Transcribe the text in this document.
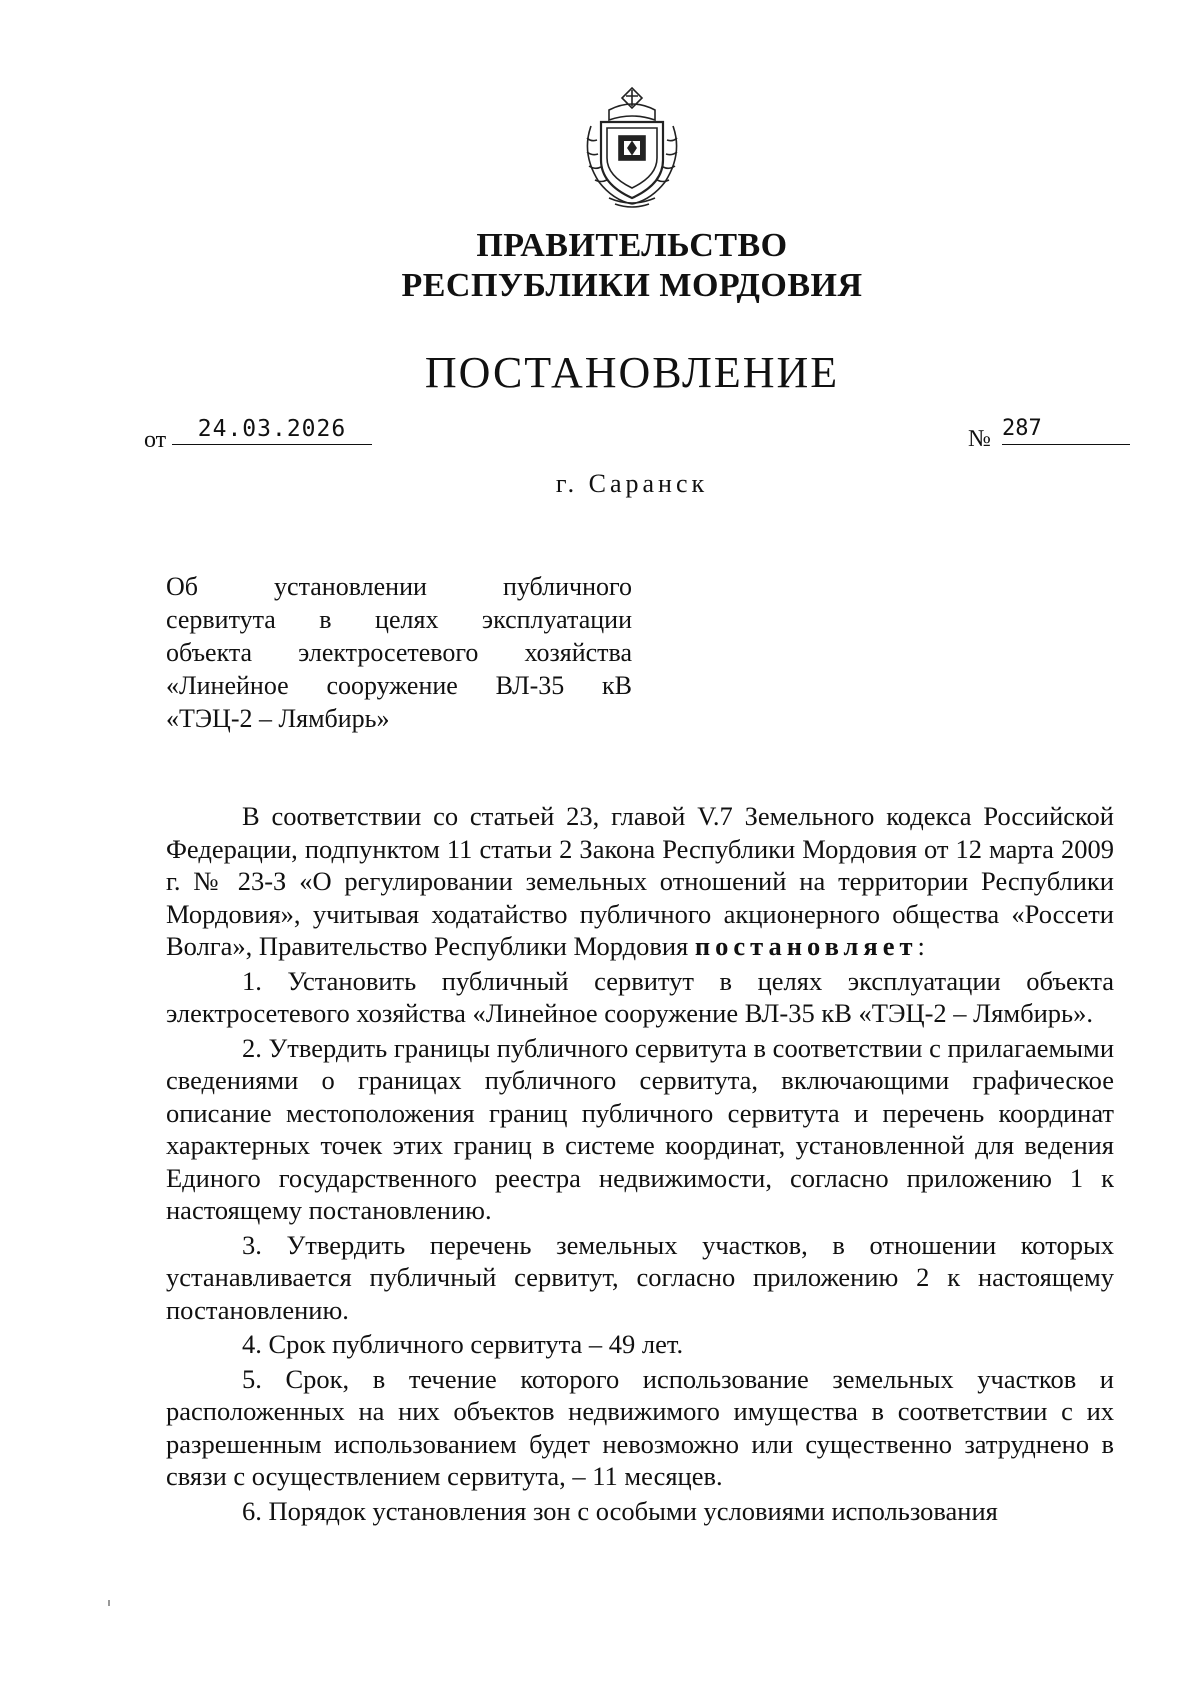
ПРАВИТЕЛЬСТВО
РЕСПУБЛИКИ МОРДОВИЯ
ПОСТАНОВЛЕНИЕ
от	24.03.2026	№ 287
г. Саранск
Об установлении публичного
сервитута в целях эксплуатации
объекта электросетевого хозяйства
«Линейное сооружение ВЛ-35 кВ
«ТЭЦ-2 – Лямбирь»

В соответствии со статьей 23, главой V.7 Земельного кодекса Российской Федерации, подпунктом 11 статьи 2 Закона Республики Мордовия от 12 марта 2009 г. № 23-З «О регулировании земельных отношений на территории Республики Мордовия», учитывая ходатайство публичного акционерного общества «Россети Волга», Правительство Республики Мордовия постановляет:

1. Установить публичный сервитут в целях эксплуатации объекта электросетевого хозяйства «Линейное сооружение ВЛ-35 кВ «ТЭЦ-2 – Лямбирь».

2. Утвердить границы публичного сервитута в соответствии с прилагаемыми сведениями о границах публичного сервитута, включающими графическое описание местоположения границ публичного сервитута и перечень координат характерных точек этих границ в системе координат, установленной для ведения Единого государственного реестра недвижимости, согласно приложению 1 к настоящему постановлению.

3. Утвердить перечень земельных участков, в отношении которых устанавливается публичный сервитут, согласно приложению 2 к настоящему постановлению.

4. Срок публичного сервитута – 49 лет.

5. Срок, в течение которого использование земельных участков и расположенных на них объектов недвижимого имущества в соответствии с их разрешенным использованием будет невозможно или существенно затруднено в связи с осуществлением сервитута, – 11 месяцев.

6. Порядок установления зон с особыми условиями использования
